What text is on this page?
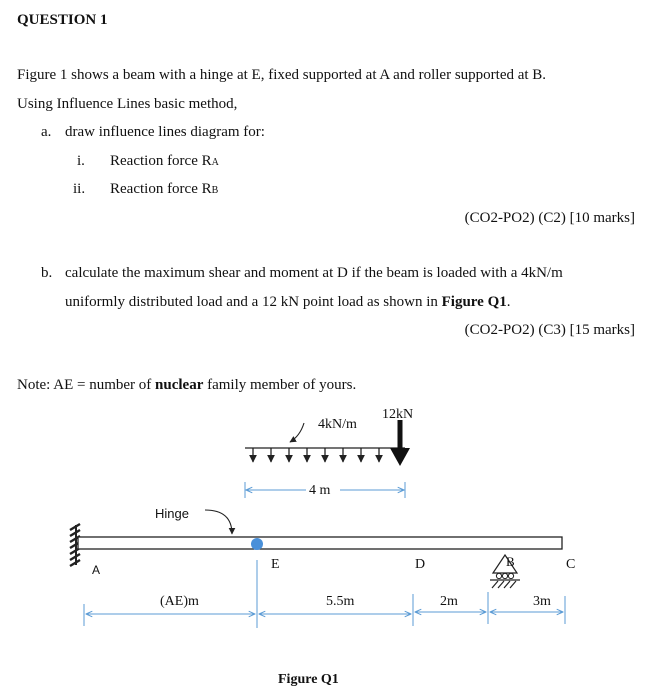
QUESTION 1
Figure 1 shows a beam with a hinge at E, fixed supported at A and roller supported at B.
Using Influence Lines basic method,
a. draw influence lines diagram for:
i. Reaction force RA
ii. Reaction force RB
(CO2-PO2) (C2) [10 marks]
b. calculate the maximum shear and moment at D if the beam is loaded with a 4kN/m
uniformly distributed load and a 12 kN point load as shown in Figure Q1.
(CO2-PO2) (C3) [15 marks]
Note: AE = number of nuclear family member of yours.
4kN/m
12kN
4 m
Hinge
A	E	D	B	C
(AE)m	5.5m	2m	3m
Figure Q1
